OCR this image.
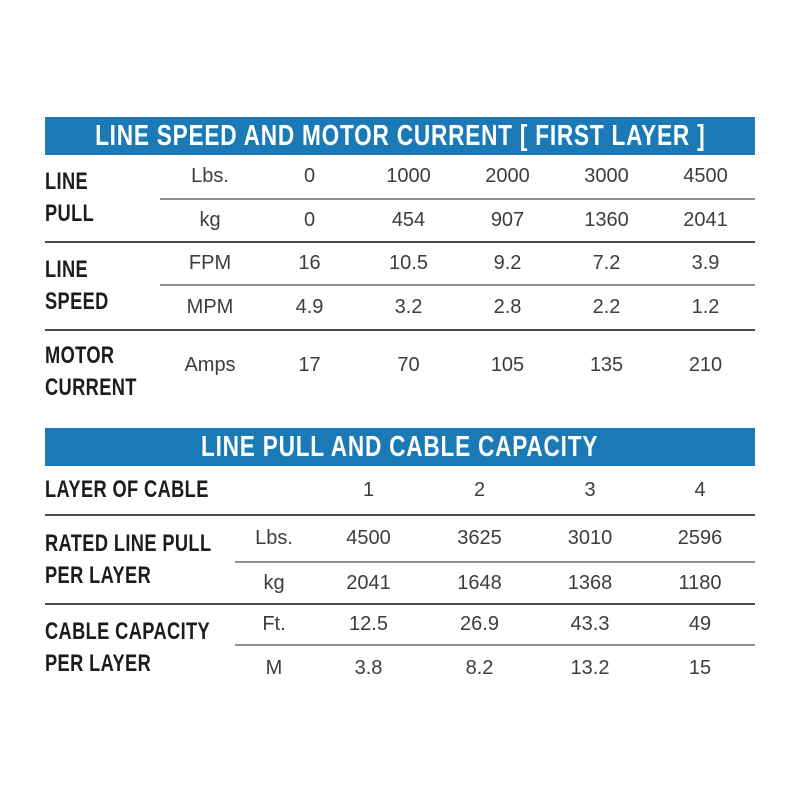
LINE SPEED AND MOTOR CURRENT [ FIRST LAYER ]
LINE
PULL	Lbs.	0	1000	2000	3000	4500
	kg	0	454	907	1360	2041
LINE
SPEED	FPM	16	10.5	9.2	7.2	3.9
	MPM	4.9	3.2	2.8	2.2	1.2
MOTOR
CURRENT	Amps	17	70	105	135	210
LINE PULL AND CABLE CAPACITY
LAYER OF CABLE		1	2	3	4
RATED LINE PULL
PER LAYER	Lbs.	4500	3625	3010	2596
	kg	2041	1648	1368	1180
CABLE CAPACITY
PER LAYER	Ft.	12.5	26.9	43.3	49
	M	3.8	8.2	13.2	15
